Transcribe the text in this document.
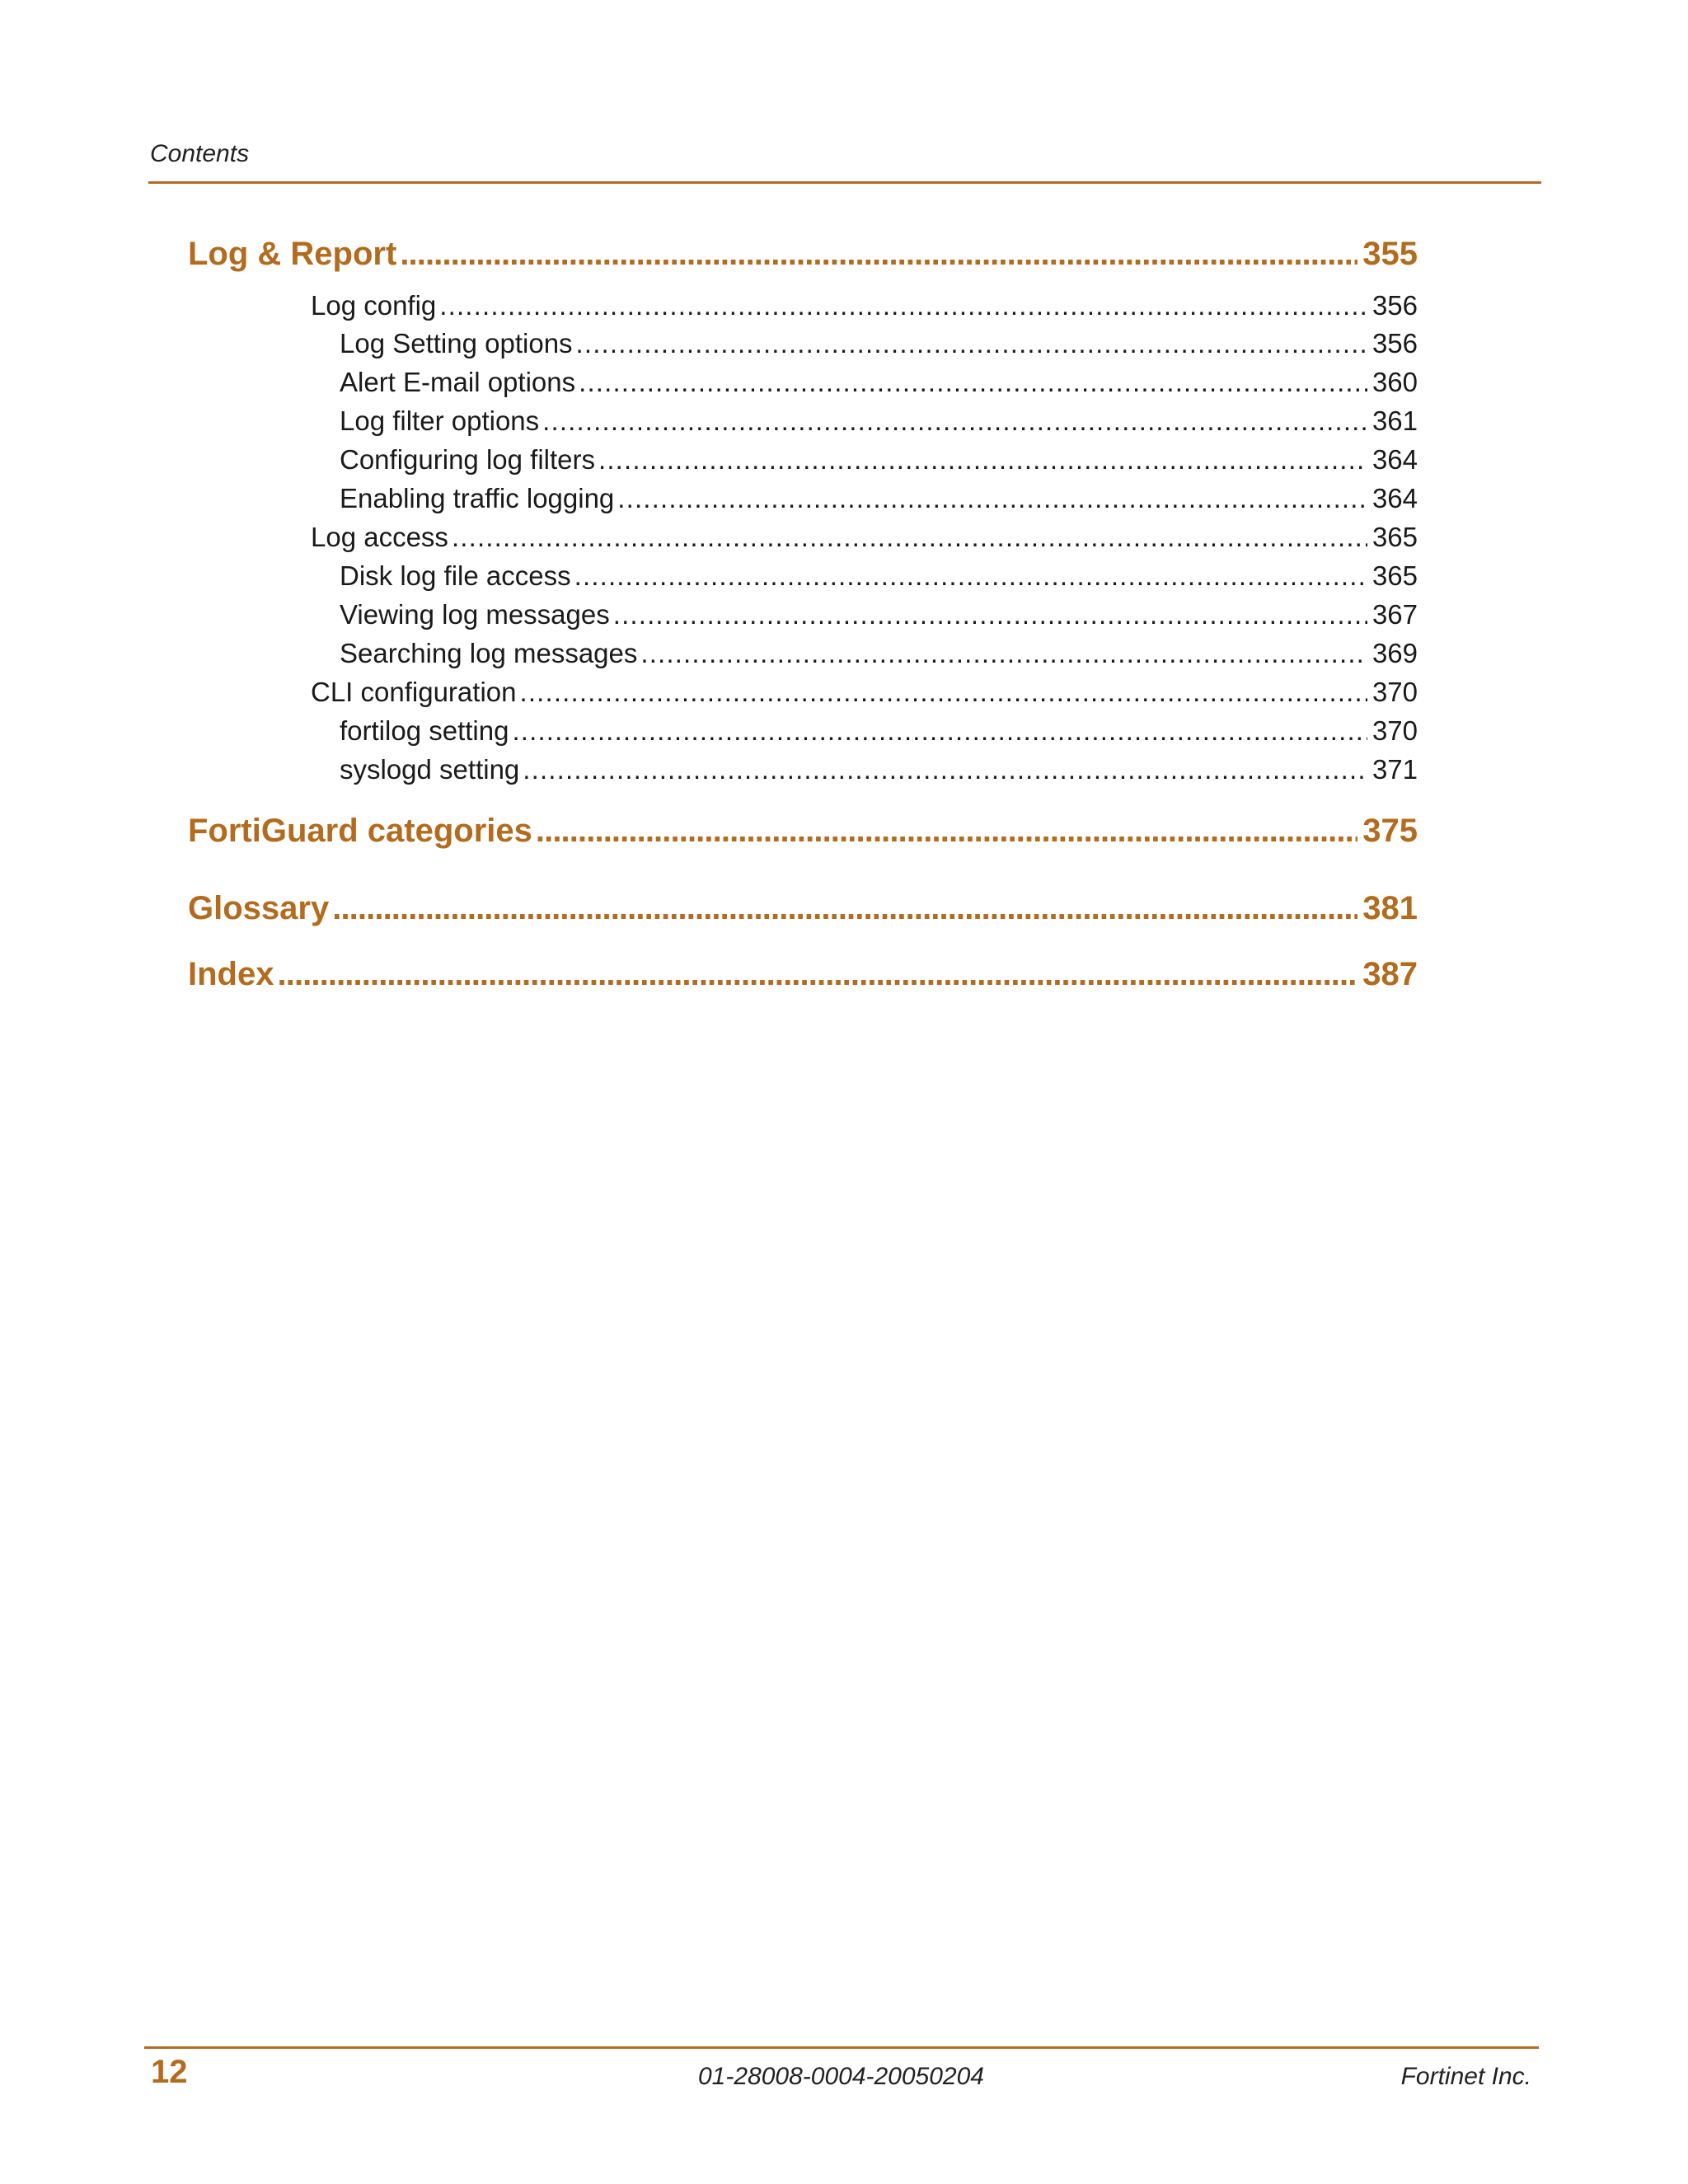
Contents
Log & Report . . .	355
Log config . . .	356
Log Setting options . . .	356
Alert E-mail options . . .	360
Log filter options . . .	361
Configuring log filters . . .	364
Enabling traffic logging . . .	364
Log access . . .	365
Disk log file access . . .	365
Viewing log messages . . .	367
Searching log messages . . .	369
CLI configuration . . .	370
fortilog setting . . .	370
syslogd setting . . .	371
FortiGuard categories . . .	375
Glossary . . .	381
Index . . .	387
12	01-28008-0004-20050204	Fortinet Inc.
